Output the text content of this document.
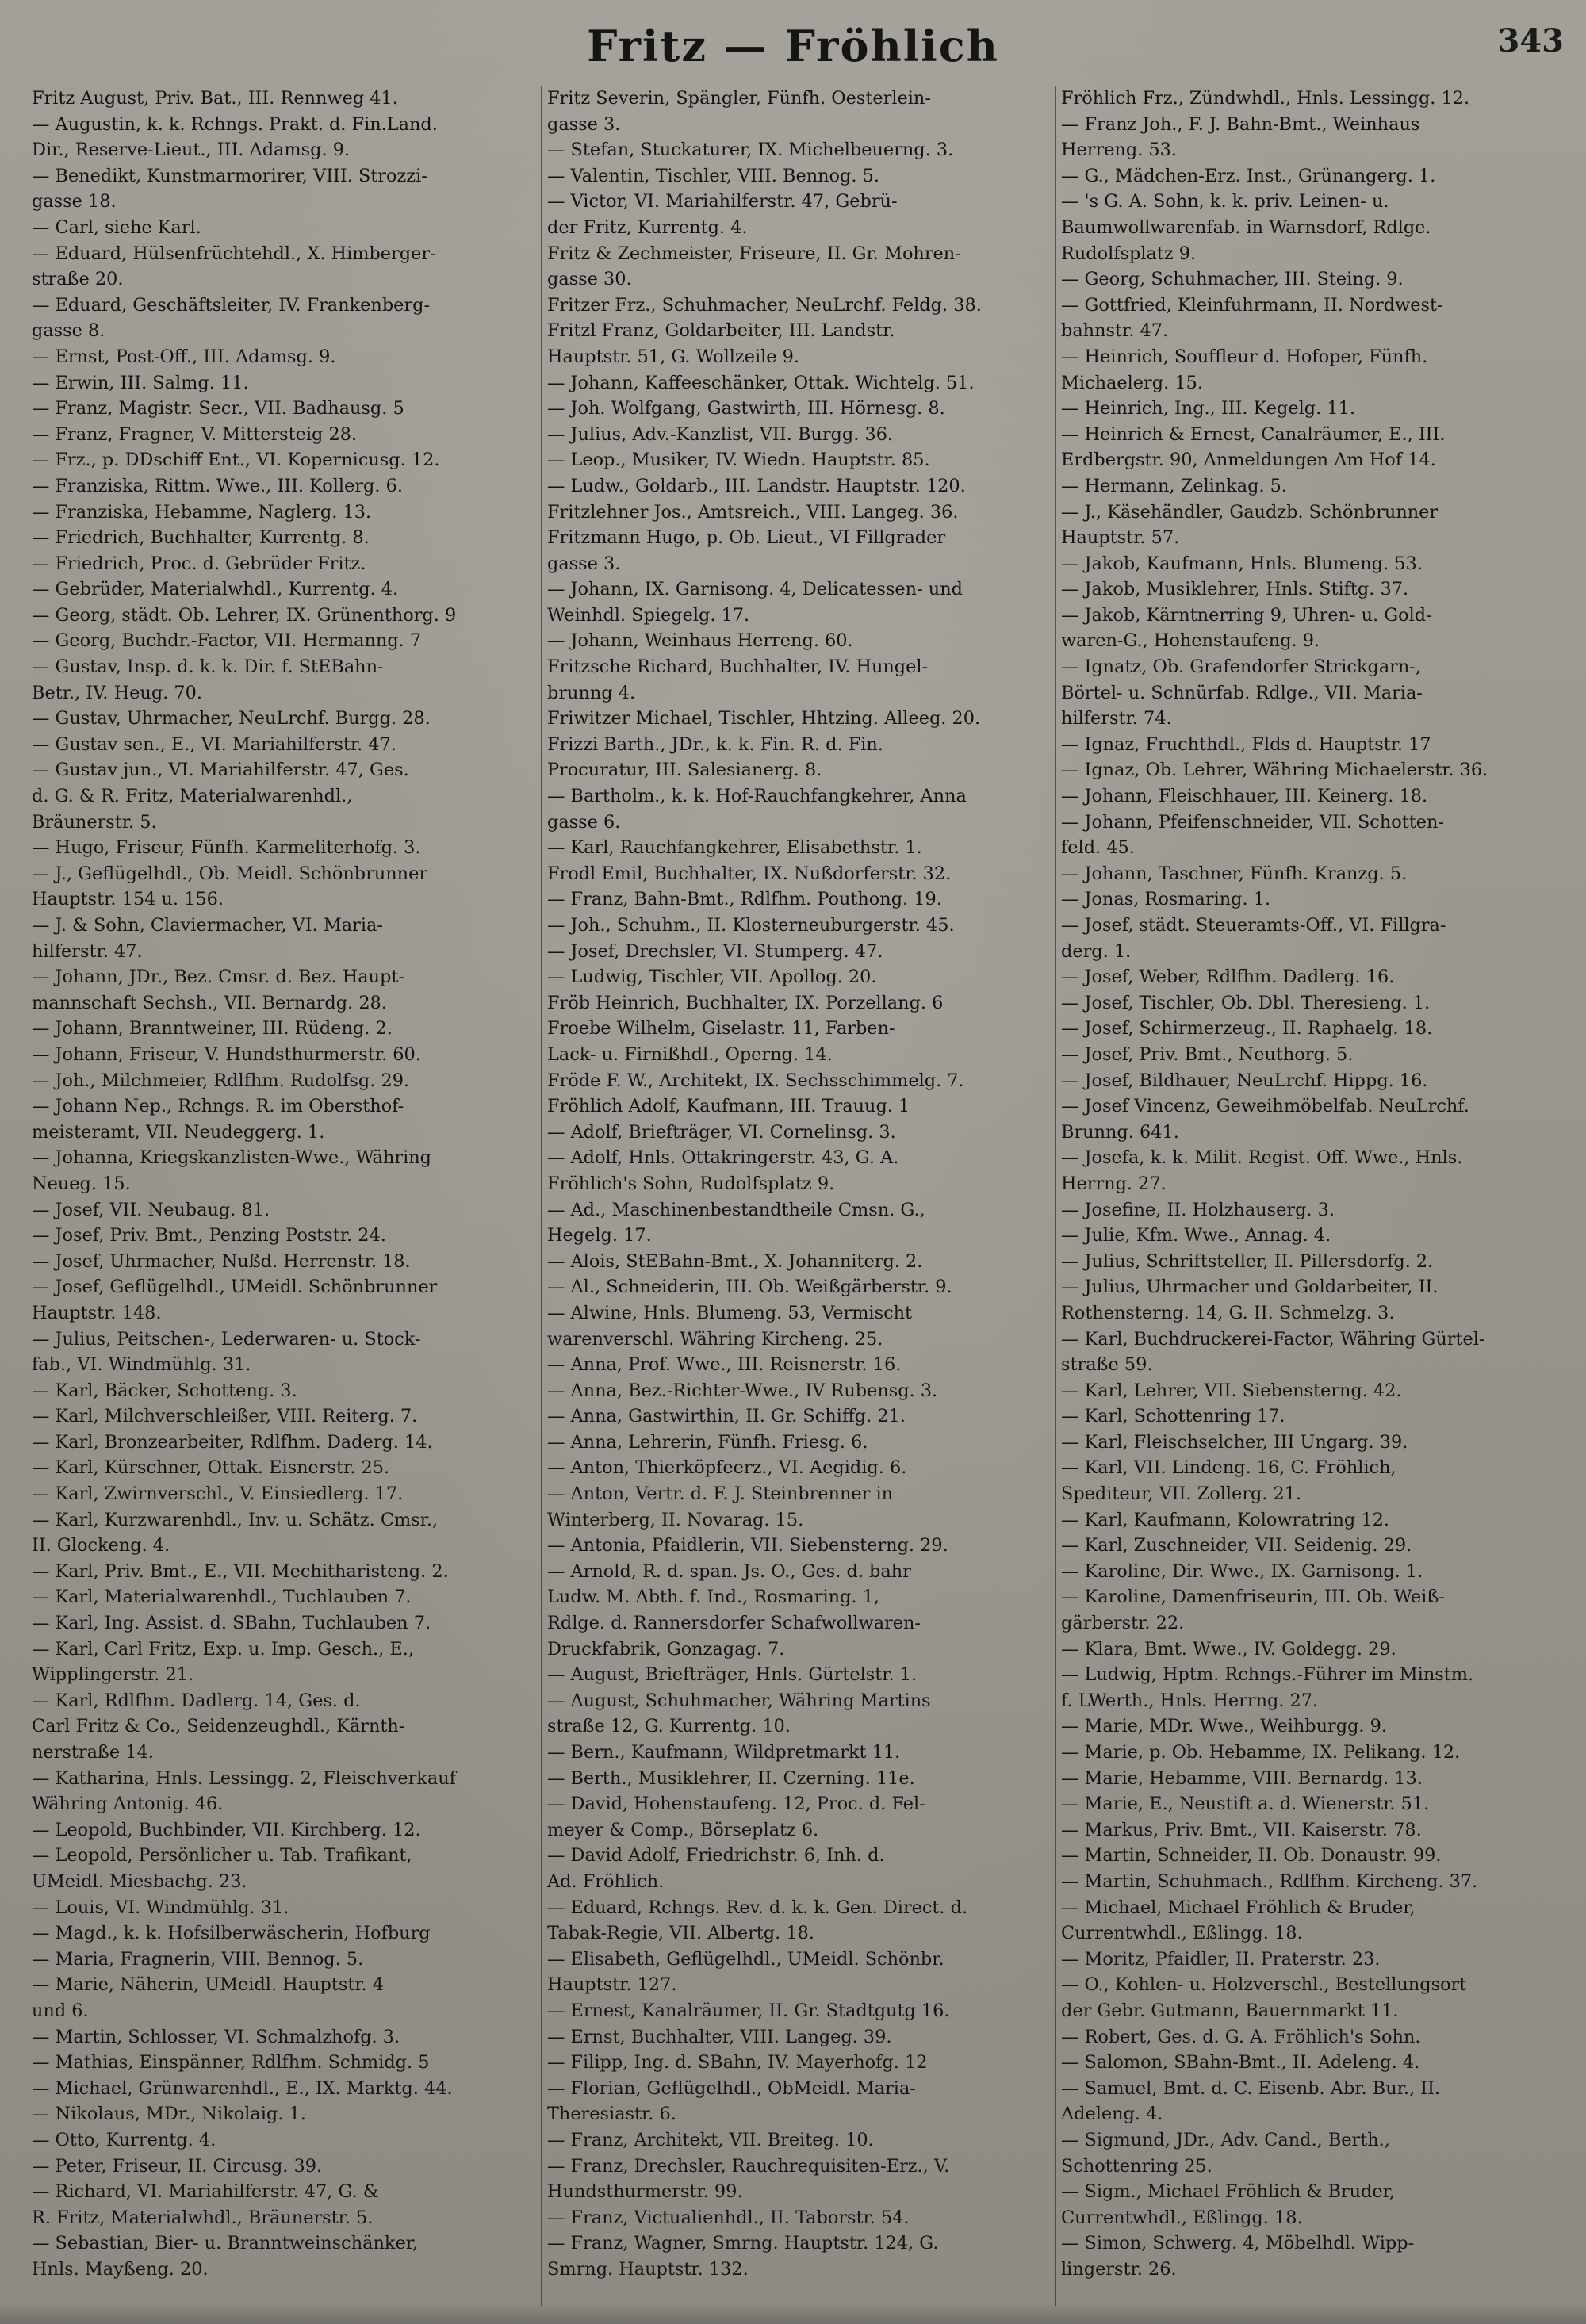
Fritz — Fröhlich	343
Fritz August, Priv. Bat., III. Rennweg 41.
— Augustin, k. k. Rchngs. Prakt. d. Fin.Land.
Dir., Reserve-Lieut., III. Adamsg. 9.
— Benedikt, Kunstmarmorirer, VIII. Strozzi-
gasse 18.
— Carl, siehe Karl.
— Eduard, Hülsenfrüchtehdl., X. Himberger-
straße 20.
— Eduard, Geschäftsleiter, IV. Frankenberg-
gasse 8.
— Ernst, Post-Off., III. Adamsg. 9.
— Erwin, III. Salmg. 11.
— Franz, Magistr. Secr., VII. Badhausg. 5
— Franz, Fragner, V. Mittersteig 28.
— Frz., p. DDschiff Ent., VI. Kopernicusg. 12.
— Franziska, Rittm. Wwe., III. Kollerg. 6.
— Franziska, Hebamme, Naglerg. 13.
— Friedrich, Buchhalter, Kurrentg. 8.
— Friedrich, Proc. d. Gebrüder Fritz.
— Gebrüder, Materialwhdl., Kurrentg. 4.
— Georg, städt. Ob. Lehrer, IX. Grünenthorg. 9
— Georg, Buchdr.-Factor, VII. Hermanng. 7
— Gustav, Insp. d. k. k. Dir. f. StEBahn-
Betr., IV. Heug. 70.
— Gustav, Uhrmacher, NeuLrchf. Burgg. 28.
— Gustav sen., E., VI. Mariahilferstr. 47.
— Gustav jun., VI. Mariahilferstr. 47, Ges.
d. G. & R. Fritz, Materialwarenhdl.,
Bräunerstr. 5.
— Hugo, Friseur, Fünfh. Karmeliterhofg. 3.
— J., Geflügelhdl., Ob. Meidl. Schönbrunner
Hauptstr. 154 u. 156.
— J. & Sohn, Claviermacher, VI. Maria-
hilferstr. 47.
— Johann, JDr., Bez. Cmsr. d. Bez. Haupt-
mannschaft Sechsh., VII. Bernardg. 28.
— Johann, Branntweiner, III. Rüdeng. 2.
— Johann, Friseur, V. Hundsthurmerstr. 60.
— Joh., Milchmeier, Rdlfhm. Rudolfsg. 29.
— Johann Nep., Rchngs. R. im Obersthof-
meisteramt, VII. Neudeggerg. 1.
— Johanna, Kriegskanzlisten-Wwe., Währing
Neueg. 15.
— Josef, VII. Neubaug. 81.
— Josef, Priv. Bmt., Penzing Poststr. 24.
— Josef, Uhrmacher, Nußd. Herrenstr. 18.
— Josef, Geflügelhdl., UMeidl. Schönbrunner
Hauptstr. 148.
— Julius, Peitschen-, Lederwaren- u. Stock-
fab., VI. Windmühlg. 31.
— Karl, Bäcker, Schotteng. 3.
— Karl, Milchverschleißer, VIII. Reiterg. 7.
— Karl, Bronzearbeiter, Rdlfhm. Daderg. 14.
— Karl, Kürschner, Ottak. Eisnerstr. 25.
— Karl, Zwirnverschl., V. Einsiedlerg. 17.
— Karl, Kurzwarenhdl., Inv. u. Schätz. Cmsr.,
II. Glockeng. 4.
— Karl, Priv. Bmt., E., VII. Mechitharisteng. 2.
— Karl, Materialwarenhdl., Tuchlauben 7.
— Karl, Ing. Assist. d. SBahn, Tuchlauben 7.
— Karl, Carl Fritz, Exp. u. Imp. Gesch., E.,
Wipplingerstr. 21.
— Karl, Rdlfhm. Dadlerg. 14, Ges. d.
Carl Fritz & Co., Seidenzeughdl., Kärnth-
nerstraße 14.
— Katharina, Hnls. Lessingg. 2, Fleischverkauf
Währing Antonig. 46.
— Leopold, Buchbinder, VII. Kirchberg. 12.
— Leopold, Persönlicher u. Tab. Trafikant,
UMeidl. Miesbachg. 23.
— Louis, VI. Windmühlg. 31.
— Magd., k. k. Hofsilberwäscherin, Hofburg
— Maria, Fragnerin, VIII. Bennog. 5.
— Marie, Näherin, UMeidl. Hauptstr. 4
und 6.
— Martin, Schlosser, VI. Schmalzhofg. 3.
— Mathias, Einspänner, Rdlfhm. Schmidg. 5
— Michael, Grünwarenhdl., E., IX. Marktg. 44.
— Nikolaus, MDr., Nikolaig. 1.
— Otto, Kurrentg. 4.
— Peter, Friseur, II. Circusg. 39.
— Richard, VI. Mariahilferstr. 47, G. &
R. Fritz, Materialwhdl., Bräunerstr. 5.
— Sebastian, Bier- u. Branntweinschänker,
Hnls. Mayßeng. 20.
Fritz Severin, Spängler, Fünfh. Oesterlein-
gasse 3.
— Stefan, Stuckaturer, IX. Michelbeuerng. 3.
— Valentin, Tischler, VIII. Bennog. 5.
— Victor, VI. Mariahilferstr. 47, Gebrü-
der Fritz, Kurrentg. 4.
Fritz & Zechmeister, Friseure, II. Gr. Mohren-
gasse 30.
Fritzer Frz., Schuhmacher, NeuLrchf. Feldg. 38.
Fritzl Franz, Goldarbeiter, III. Landstr.
Hauptstr. 51, G. Wollzeile 9.
— Johann, Kaffeeschänker, Ottak. Wichtelg. 51.
— Joh. Wolfgang, Gastwirth, III. Hörnesg. 8.
— Julius, Adv.-Kanzlist, VII. Burgg. 36.
— Leop., Musiker, IV. Wiedn. Hauptstr. 85.
— Ludw., Goldarb., III. Landstr. Hauptstr. 120.
Fritzlehner Jos., Amtsreich., VIII. Langeg. 36.
Fritzmann Hugo, p. Ob. Lieut., VI Fillgrader
gasse 3.
— Johann, IX. Garnisong. 4, Delicatessen- und
Weinhdl. Spiegelg. 17.
— Johann, Weinhaus Herreng. 60.
Fritzsche Richard, Buchhalter, IV. Hungel-
brunng 4.
Friwitzer Michael, Tischler, Hhtzing. Alleeg. 20.
Frizzi Barth., JDr., k. k. Fin. R. d. Fin.
Procuratur, III. Salesianerg. 8.
— Bartholm., k. k. Hof-Rauchfangkehrer, Anna
gasse 6.
— Karl, Rauchfangkehrer, Elisabethstr. 1.
Frodl Emil, Buchhalter, IX. Nußdorferstr. 32.
— Franz, Bahn-Bmt., Rdlfhm. Pouthong. 19.
— Joh., Schuhm., II. Klosterneuburgerstr. 45.
— Josef, Drechsler, VI. Stumperg. 47.
— Ludwig, Tischler, VII. Apollog. 20.
Fröb Heinrich, Buchhalter, IX. Porzellang. 6
Froebe Wilhelm, Giselastr. 11, Farben-
Lack- u. Firnißhdl., Operng. 14.
Fröde F. W., Architekt, IX. Sechsschimmelg. 7.
Fröhlich Adolf, Kaufmann, III. Trauug. 1
— Adolf, Briefträger, VI. Cornelinsg. 3.
— Adolf, Hnls. Ottakringerstr. 43, G. A.
Fröhlich's Sohn, Rudolfsplatz 9.
— Ad., Maschinenbestandtheile Cmsn. G.,
Hegelg. 17.
— Alois, StEBahn-Bmt., X. Johanniterg. 2.
— Al., Schneiderin, III. Ob. Weißgärberstr. 9.
— Alwine, Hnls. Blumeng. 53, Vermischt
warenverschl. Währing Kircheng. 25.
— Anna, Prof. Wwe., III. Reisnerstr. 16.
— Anna, Bez.-Richter-Wwe., IV Rubensg. 3.
— Anna, Gastwirthin, II. Gr. Schiffg. 21.
— Anna, Lehrerin, Fünfh. Friesg. 6.
— Anton, Thierköpfeerz., VI. Aegidig. 6.
— Anton, Vertr. d. F. J. Steinbrenner in
Winterberg, II. Novarag. 15.
— Antonia, Pfaidlerin, VII. Siebensterng. 29.
— Arnold, R. d. span. Js. O., Ges. d. bahr
Ludw. M. Abth. f. Ind., Rosmaring. 1,
Rdlge. d. Rannersdorfer Schafwollwaren-
Druckfabrik, Gonzagag. 7.
— August, Briefträger, Hnls. Gürtelstr. 1.
— August, Schuhmacher, Währing Martins
straße 12, G. Kurrentg. 10.
— Bern., Kaufmann, Wildpretmarkt 11.
— Berth., Musiklehrer, II. Czerning. 11e.
— David, Hohenstaufeng. 12, Proc. d. Fel-
meyer & Comp., Börseplatz 6.
— David Adolf, Friedrichstr. 6, Inh. d.
Ad. Fröhlich.
— Eduard, Rchngs. Rev. d. k. k. Gen. Direct. d.
Tabak-Regie, VII. Albertg. 18.
— Elisabeth, Geflügelhdl., UMeidl. Schönbr.
Hauptstr. 127.
— Ernest, Kanalräumer, II. Gr. Stadtgutg 16.
— Ernst, Buchhalter, VIII. Langeg. 39.
— Filipp, Ing. d. SBahn, IV. Mayerhofg. 12
— Florian, Geflügelhdl., ObMeidl. Maria-
Theresiastr. 6.
— Franz, Architekt, VII. Breiteg. 10.
— Franz, Drechsler, Rauchrequisiten-Erz., V.
Hundsthurmerstr. 99.
— Franz, Victualienhdl., II. Taborstr. 54.
— Franz, Wagner, Smrng. Hauptstr. 124, G.
Smrng. Hauptstr. 132.
Fröhlich Frz., Zündwhdl., Hnls. Lessingg. 12.
— Franz Joh., F. J. Bahn-Bmt., Weinhaus
Herreng. 53.
— G., Mädchen-Erz. Inst., Grünangerg. 1.
— 's G. A. Sohn, k. k. priv. Leinen- u.
Baumwollwarenfab. in Warnsdorf, Rdlge.
Rudolfsplatz 9.
— Georg, Schuhmacher, III. Steing. 9.
— Gottfried, Kleinfuhrmann, II. Nordwest-
bahnstr. 47.
— Heinrich, Souffleur d. Hofoper, Fünfh.
Michaelerg. 15.
— Heinrich, Ing., III. Kegelg. 11.
— Heinrich & Ernest, Canalräumer, E., III.
Erdbergstr. 90, Anmeldungen Am Hof 14.
— Hermann, Zelinkag. 5.
— J., Käsehändler, Gaudzb. Schönbrunner
Hauptstr. 57.
— Jakob, Kaufmann, Hnls. Blumeng. 53.
— Jakob, Musiklehrer, Hnls. Stiftg. 37.
— Jakob, Kärntnerring 9, Uhren- u. Gold-
waren-G., Hohenstaufeng. 9.
— Ignatz, Ob. Grafendorfer Strickgarn-,
Börtel- u. Schnürfab. Rdlge., VII. Maria-
hilferstr. 74.
— Ignaz, Fruchthdl., Flds d. Hauptstr. 17
— Ignaz, Ob. Lehrer, Währing Michaelerstr. 36.
— Johann, Fleischhauer, III. Keinerg. 18.
— Johann, Pfeifenschneider, VII. Schotten-
feld. 45.
— Johann, Taschner, Fünfh. Kranzg. 5.
— Jonas, Rosmaring. 1.
— Josef, städt. Steueramts-Off., VI. Fillgra-
derg. 1.
— Josef, Weber, Rdlfhm. Dadlerg. 16.
— Josef, Tischler, Ob. Dbl. Theresieng. 1.
— Josef, Schirmerzeug., II. Raphaelg. 18.
— Josef, Priv. Bmt., Neuthorg. 5.
— Josef, Bildhauer, NeuLrchf. Hippg. 16.
— Josef Vincenz, Geweihmöbelfab. NeuLrchf.
Brunng. 641.
— Josefa, k. k. Milit. Regist. Off. Wwe., Hnls.
Herrng. 27.
— Josefine, II. Holzhauserg. 3.
— Julie, Kfm. Wwe., Annag. 4.
— Julius, Schriftsteller, II. Pillersdorfg. 2.
— Julius, Uhrmacher und Goldarbeiter, II.
Rothensterng. 14, G. II. Schmelzg. 3.
— Karl, Buchdruckerei-Factor, Währing Gürtel-
straße 59.
— Karl, Lehrer, VII. Siebensterng. 42.
— Karl, Schottenring 17.
— Karl, Fleischselcher, III Ungarg. 39.
— Karl, VII. Lindeng. 16, C. Fröhlich,
Spediteur, VII. Zollerg. 21.
— Karl, Kaufmann, Kolowratring 12.
— Karl, Zuschneider, VII. Seidenig. 29.
— Karoline, Dir. Wwe., IX. Garnisong. 1.
— Karoline, Damenfriseurin, III. Ob. Weiß-
gärberstr. 22.
— Klara, Bmt. Wwe., IV. Goldegg. 29.
— Ludwig, Hptm. Rchngs.-Führer im Minstm.
f. LWerth., Hnls. Herrng. 27.
— Marie, MDr. Wwe., Weihburgg. 9.
— Marie, p. Ob. Hebamme, IX. Pelikang. 12.
— Marie, Hebamme, VIII. Bernardg. 13.
— Marie, E., Neustift a. d. Wienerstr. 51.
— Markus, Priv. Bmt., VII. Kaiserstr. 78.
— Martin, Schneider, II. Ob. Donaustr. 99.
— Martin, Schuhmach., Rdlfhm. Kircheng. 37.
— Michael, Michael Fröhlich & Bruder,
Currentwhdl., Eßlingg. 18.
— Moritz, Pfaidler, II. Praterstr. 23.
— O., Kohlen- u. Holzverschl., Bestellungsort
der Gebr. Gutmann, Bauernmarkt 11.
— Robert, Ges. d. G. A. Fröhlich's Sohn.
— Salomon, SBahn-Bmt., II. Adeleng. 4.
— Samuel, Bmt. d. C. Eisenb. Abr. Bur., II.
Adeleng. 4.
— Sigmund, JDr., Adv. Cand., Berth.,
Schottenring 25.
— Sigm., Michael Fröhlich & Bruder,
Currentwhdl., Eßlingg. 18.
— Simon, Schwerg. 4, Möbelhdl. Wipp-
lingerstr. 26.
